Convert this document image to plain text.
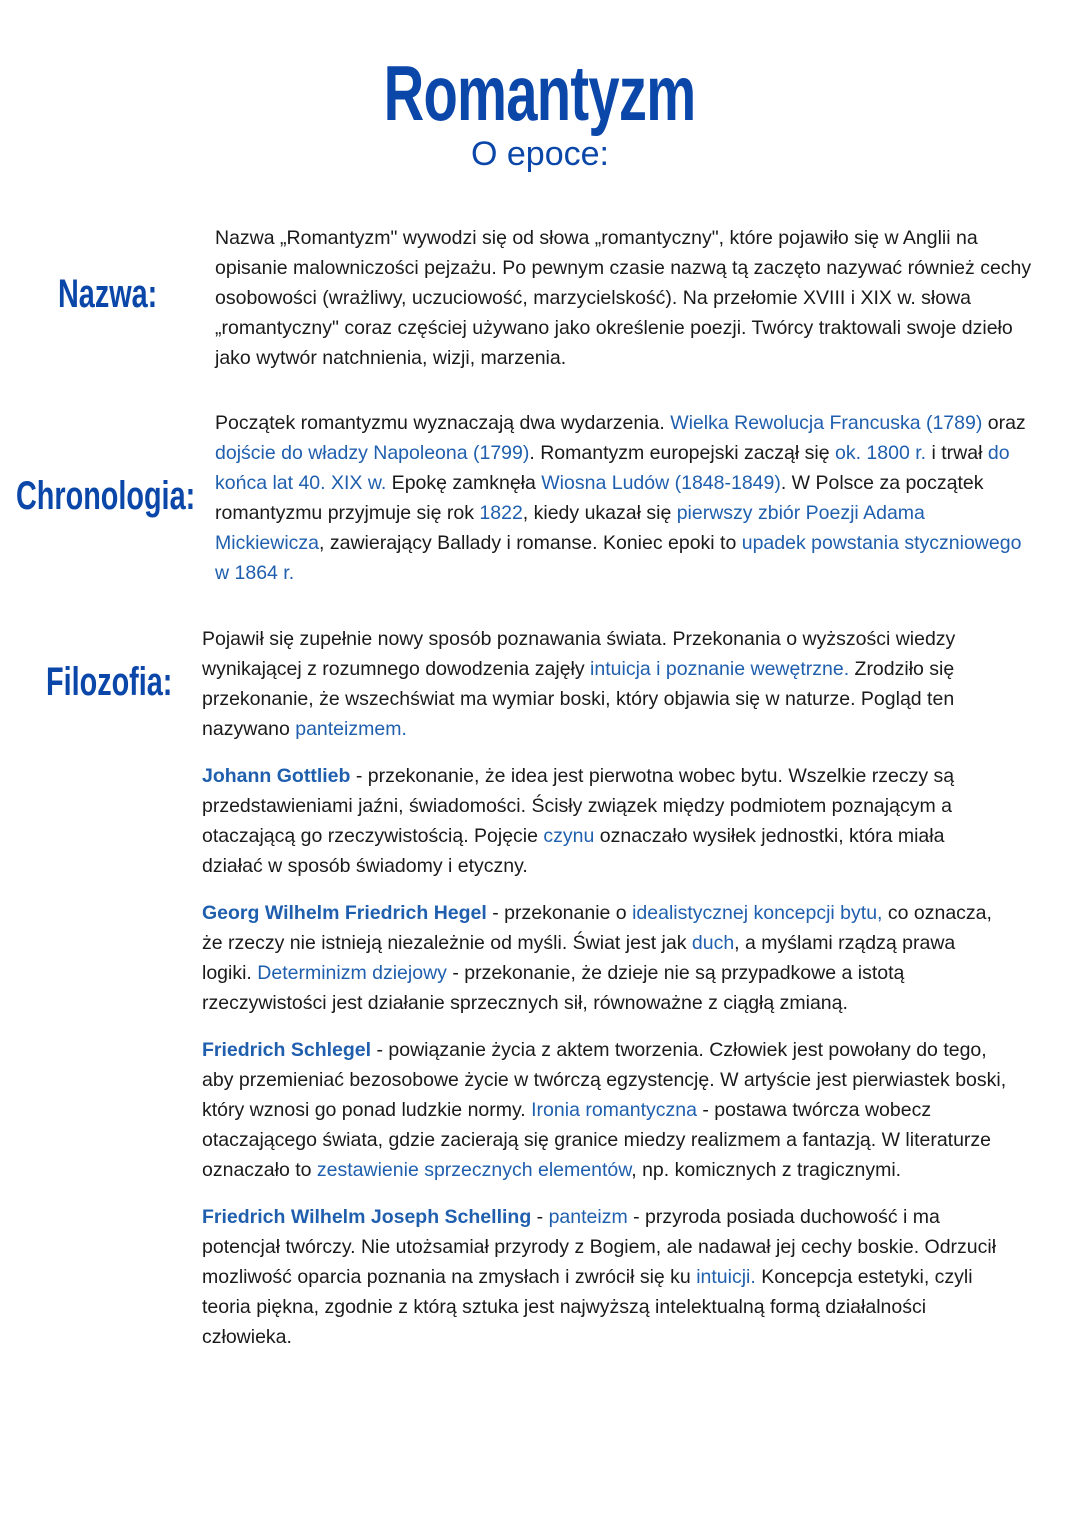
Romantyzm
O epoce:
Nazwa:
Chronologia:
Filozofia:

Nazwa „Romantyzm" wywodzi się od słowa „romantyczny", które pojawiło się w Anglii na opisanie malowniczości pejzażu. Po pewnym czasie nazwą tą zaczęto nazywać również cechy osobowości (wrażliwy, uczuciowość, marzycielskość). Na przełomie XVIII i XIX w. słowa „romantyczny" coraz częściej używano jako określenie poezji. Twórcy traktowali swoje dzieło jako wytwór natchnienia, wizji, marzenia.

Początek romantyzmu wyznaczają dwa wydarzenia. Wielka Rewolucja Francuska (1789) oraz dojście do władzy Napoleona (1799). Romantyzm europejski zaczął się ok. 1800 r. i trwał do końca lat 40. XIX w. Epokę zamknęła Wiosna Ludów (1848-1849). W Polsce za początek romantyzmu przyjmuje się rok 1822, kiedy ukazał się pierwszy zbiór Poezji Adama Mickiewicza, zawierający Ballady i romanse. Koniec epoki to upadek powstania styczniowego w 1864 r.

Pojawił się zupełnie nowy sposób poznawania świata. Przekonania o wyższości wiedzy wynikającej z rozumnego dowodzenia zajęły intuicja i poznanie wewętrzne. Zrodziło się przekonanie, że wszechświat ma wymiar boski, który objawia się w naturze. Pogląd ten nazywano panteizmem.

Johann Gottlieb - przekonanie, że idea jest pierwotna wobec bytu. Wszelkie rzeczy są przedstawieniami jaźni, świadomości. Ścisły związek między podmiotem poznającym a otaczającą go rzeczywistością. Pojęcie czynu oznaczało wysiłek jednostki, która miała działać w sposób świadomy i etyczny.

Georg Wilhelm Friedrich Hegel - przekonanie o idealistycznej koncepcji bytu, co oznacza, że rzeczy nie istnieją niezalеżnie od myśli. Świat jest jak duch, a myślami rządzą prawa logiki. Determinizm dziejowy - przekonanie, że dzieje nie są przypadkowe a istotą rzeczywistości jest działanie sprzecznych sił, równoważne z ciągłą zmianą.

Friedrich Schlegel - powiązanie życia z aktem tworzenia. Człowiek jest powołany do tego, aby przemieniać bezosobowe życie w twórczą egzystencję. W artyście jest pierwiastek boski, który wznosi go ponad ludzkie normy. Ironia romantyczna - postawa twórcza wobecz otaczającego świata, gdzie zacierają się granice miedzy realizmem a fantazją. W literaturze oznaczało to zestawienie sprzecznych elementów, np. komicznych z tragicznymi.

Friedrich Wilhelm Joseph Schelling - panteizm - przyroda posiada duchowość i ma potencjał twórczy. Nie utożsamiał przyrody z Bogiem, ale nadawał jej cechy boskie. Odrzucił mozliwość oparcia poznania na zmysłach i zwrócił się ku intuicji. Koncepcja estetyki, czyli teoria piękna, zgodnie z którą sztuka jest najwyższą intelektualną formą działalności człowieka.
